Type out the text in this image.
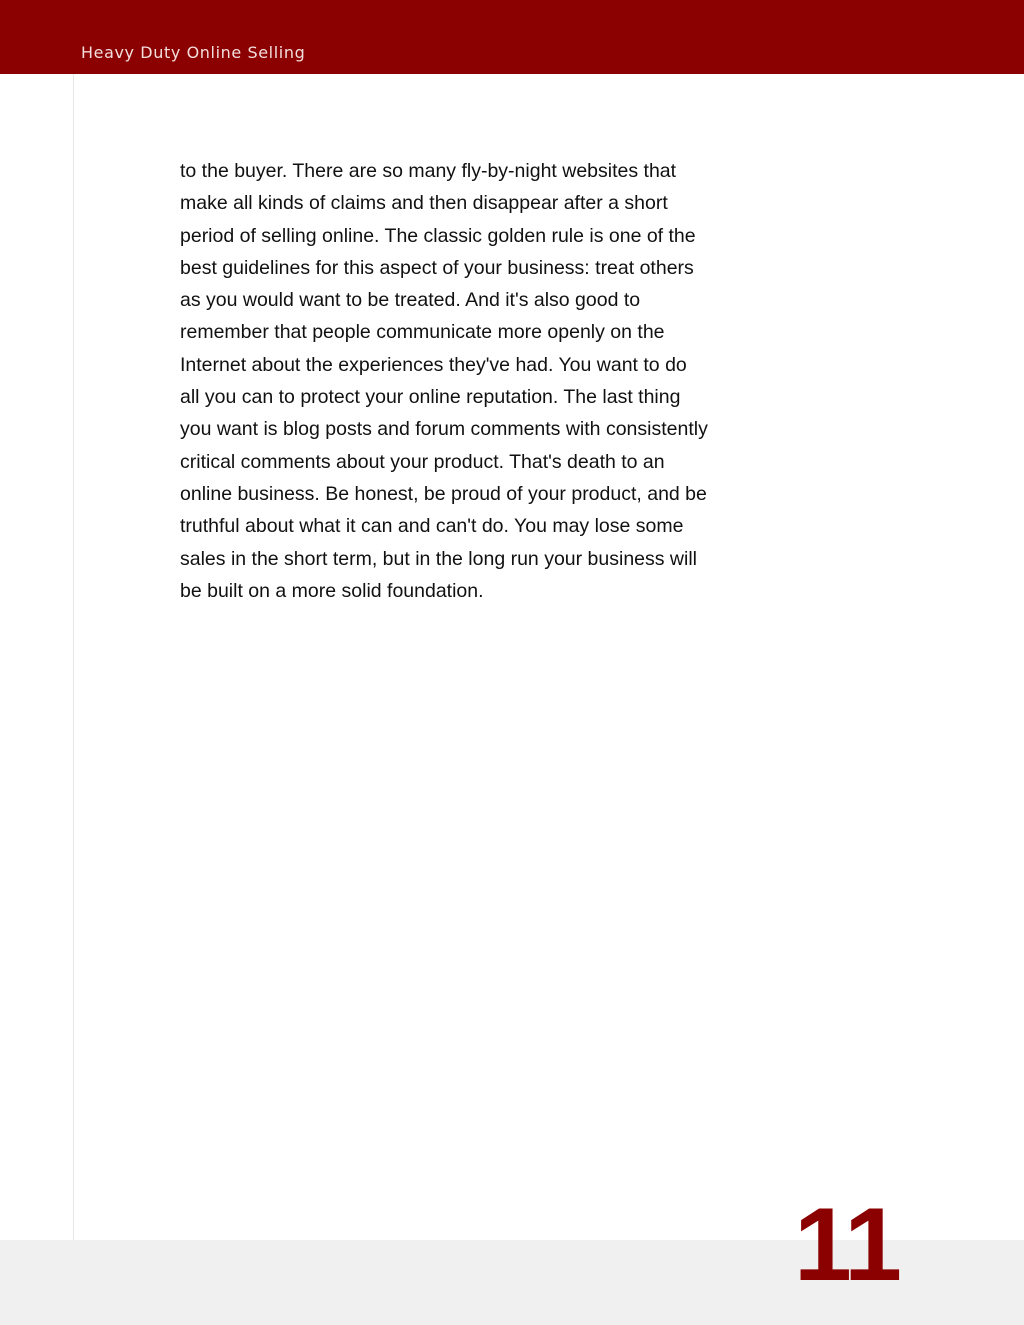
Heavy Duty Online Selling

to the buyer. There are so many fly-by-night websites that
make all kinds of claims and then disappear after a short
period of selling online. The classic golden rule is one of the
best guidelines for this aspect of your business: treat others
as you would want to be treated. And it's also good to
remember that people communicate more openly on the
Internet about the experiences they've had. You want to do
all you can to protect your online reputation. The last thing
you want is blog posts and forum comments with consistently
critical comments about your product. That's death to an
online business. Be honest, be proud of your product, and be
truthful about what it can and can't do. You may lose some
sales in the short term, but in the long run your business will
be built on a more solid foundation.

11
